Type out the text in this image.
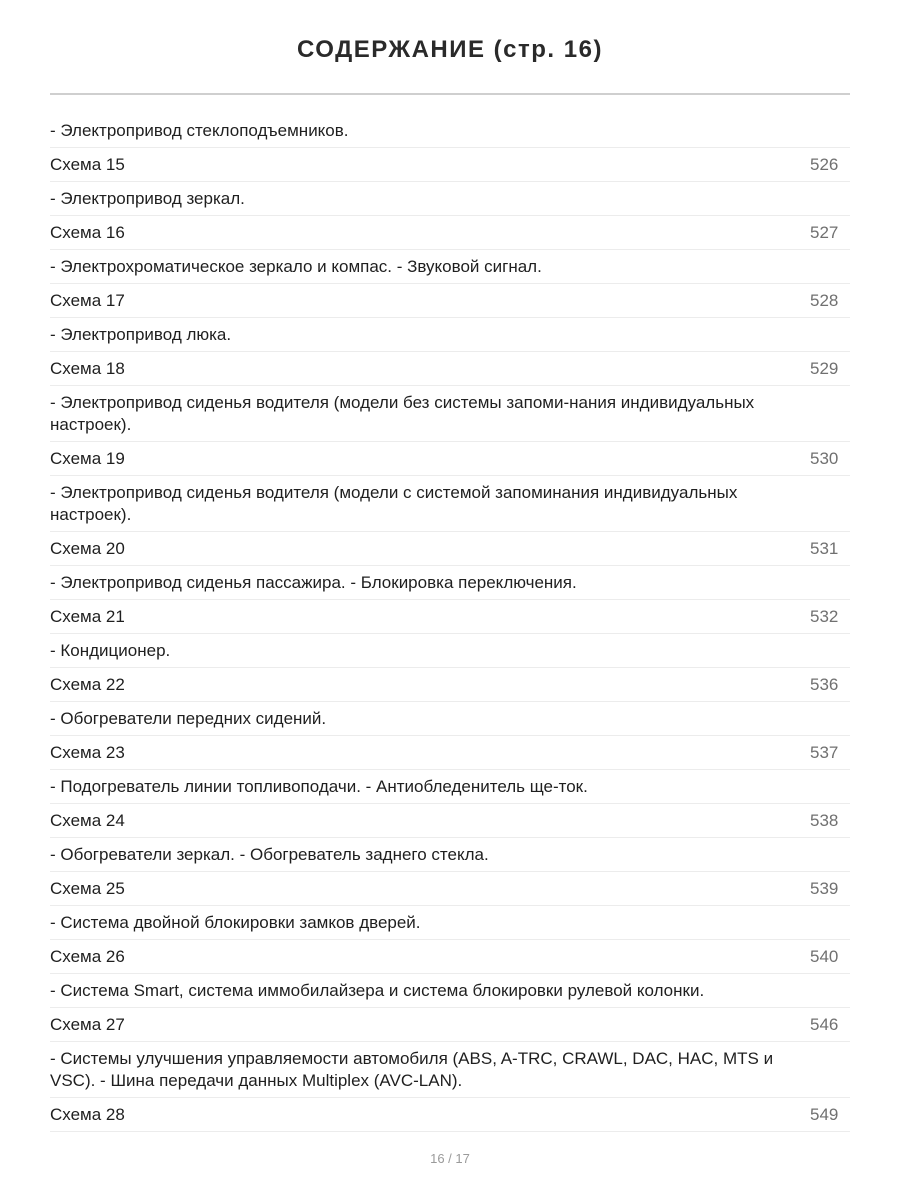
СОДЕРЖАНИЕ (стр. 16)
- Электропривод стеклоподъемников.
Схема 15	526
- Электропривод зеркал.
Схема 16	527
- Электрохроматическое зеркало и компас. - Звуковой сигнал.
Схема 17	528
- Электропривод люка.
Схема 18	529
- Электропривод сиденья водителя (модели без системы запоми-нания индивидуальных настроек).
Схема 19	530
- Электропривод сиденья водителя (модели с системой запоминания индивидуальных настроек).
Схема 20	531
- Электропривод сиденья пассажира. - Блокировка переключения.
Схема 21	532
- Кондиционер.
Схема 22	536
- Обогреватели передних сидений.
Схема 23	537
- Подогреватель линии топливоподачи. - Антиобледенитель ще-ток.
Схема 24	538
- Обогреватели зеркал. - Обогреватель заднего стекла.
Схема 25	539
- Система двойной блокировки замков дверей.
Схема 26	540
- Система Smart, система иммобилайзера и система блокировки рулевой колонки.
Схема 27	546
- Системы улучшения управляемости автомобиля (ABS, A-TRC, CRAWL, DAC, HAC, MTS и VSC). - Шина передачи данных Multiplex (AVC-LAN).
Схема 28	549
16 / 17
